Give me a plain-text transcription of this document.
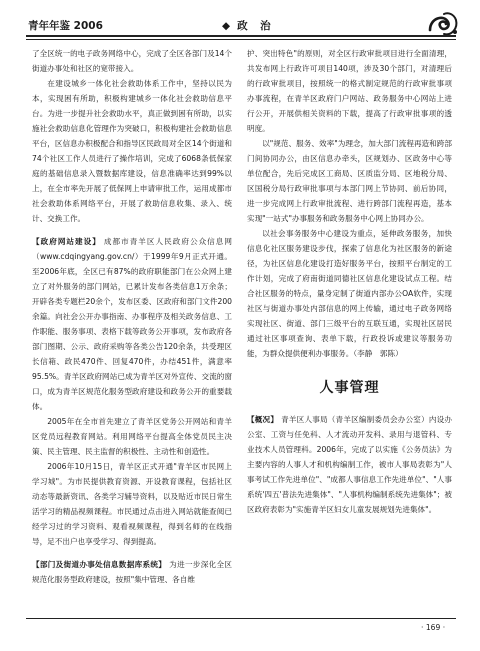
青年年鉴 2006	◆ 政　治

了全区统一的电子政务网络中心，完成了全区各部门及14个街道办事处和社区的宽带接入。

在建设城乡一体化社会救助体系工作中，坚持以民为本，实现困有所助，积极构建城乡一体化社会救助信息平台。为进一步提升社会救助水平，真正做到困有所助，以实施社会救助信息化管理作为突破口，积极构建社会救助信息平台，区信息办积极配合和指导区民政局对全区14个街道和74个社区工作人员进行了操作培训，完成了6068条低保家庭的基础信息录入暨数据库建设，信息准确率达到99%以上，在全市率先开展了低保网上申请审批工作，运用成都市社会救助体系网络平台，开展了救助信息收集、录入、统计、交换工作。

【政府网站建设】 成都市青羊区人民政府公众信息网（www.cdqingyang.gov.cn/）于1999年9月正式开通。至2006年底，全区已有87%的政府职能部门在公众网上建立了对外服务的部门网站，已累计发布各类信息1万余条；开辟各类专题栏20余个，发布区委、区政府和部门文件200余篇。向社会公开办事指南、办事程序及相关政务信息、工作职能、服务事项、表格下载等政务公开事项，发布政府各部门图期、公示、政府采购等各类公告120余条，共受理区长信箱、政民470件、回复470件，办结451件，满意率95.5%。青羊区政府网站已成为青羊区对外宣传、交流的窗口，成为青羊区规范化服务型政府建设和政务公开的重要载体。

2005年在全市首先建立了青羊区党务公开网站和青羊区党员远程教育网站。利用网络平台提高全体党员民主决策、民主管理、民主监督的积极性、主动性和创造性。

2006年10月15日，青羊区正式开通"青羊区市民网上学习城"。为市民提供教育资源、开设教育课程，包括社区动态等最新资讯、各类学习辅导资料，以及贴近市民日常生活学习的精品视频课程。市民通过点击进入网站就能查阅已经学习过的学习资料、观看视频课程，得到名师的在线指导，足不出户也享受学习、得到提高。

【部门及街道办事处信息数据库系统】 为进一步深化全区规范化服务型政府建设，按照"集中管理、各自维

护、突出特色"的原则，对全区行政审批项目进行全面清理，共发布网上行政许可项目140项，涉及30个部门，对清理后的行政审批项目，按照统一的格式制定规范的行政审批事项办事流程，在青羊区政府门户网站、政务服务中心网站上进行公开，开展供相关资料的下载，提高了行政审批事项的透明度。

以"规范、服务、效率"为理念，加大部门流程再造和跨部门间协同办公，由区信息办牵头，区规划办、区政务中心等单位配合，先后完成区工商局、区质监分局、区地税分局、区国税分局行政审批事项与本部门网上节协同、前后协同，进一步完成网上行政审批流程、进行跨部门流程再造，基本实现"一站式"办事服务和政务服务中心网上协同办公。

以社会事务服务中心建设为重点，延伸政务服务，加快信息化社区服务建设步伐，探索了信息化为社区服务的新途径，为社区信息化建设打造好服务平台，按照平台制定的工作计划，完成了府南街道同德社区信息化建设试点工程。结合社区服务的特点，量身定制了街道内部办公OA软件，实现社区与街道办事处内部信息的网上传输，通过电子政务网络实现社区、街道、部门三级平台的互联互通，实现社区居民通过社区事项查询、表单下载，行政投诉或建议等服务功能，为群众提供便利办事服务。（李静　郭陈）

人事管理

【概况】 青羊区人事局（青羊区编制委员会办公室）内设办公室、工资与任免科、人才流动开发科、录用与退管科、专业技术人员管理科。2006年，完成了以实施《公务员法》为主要内容的人事人才和机构编制工作，被市人事局表彰为"人事考试工作先进单位"、"成都人事信息工作先进单位"、"人事系统'四五'普法先进集体"、"人事机构编制系统先进集体"；被区政府表彰为"实施青羊区妇女儿童发展规划先进集体"。

· 169 ·
